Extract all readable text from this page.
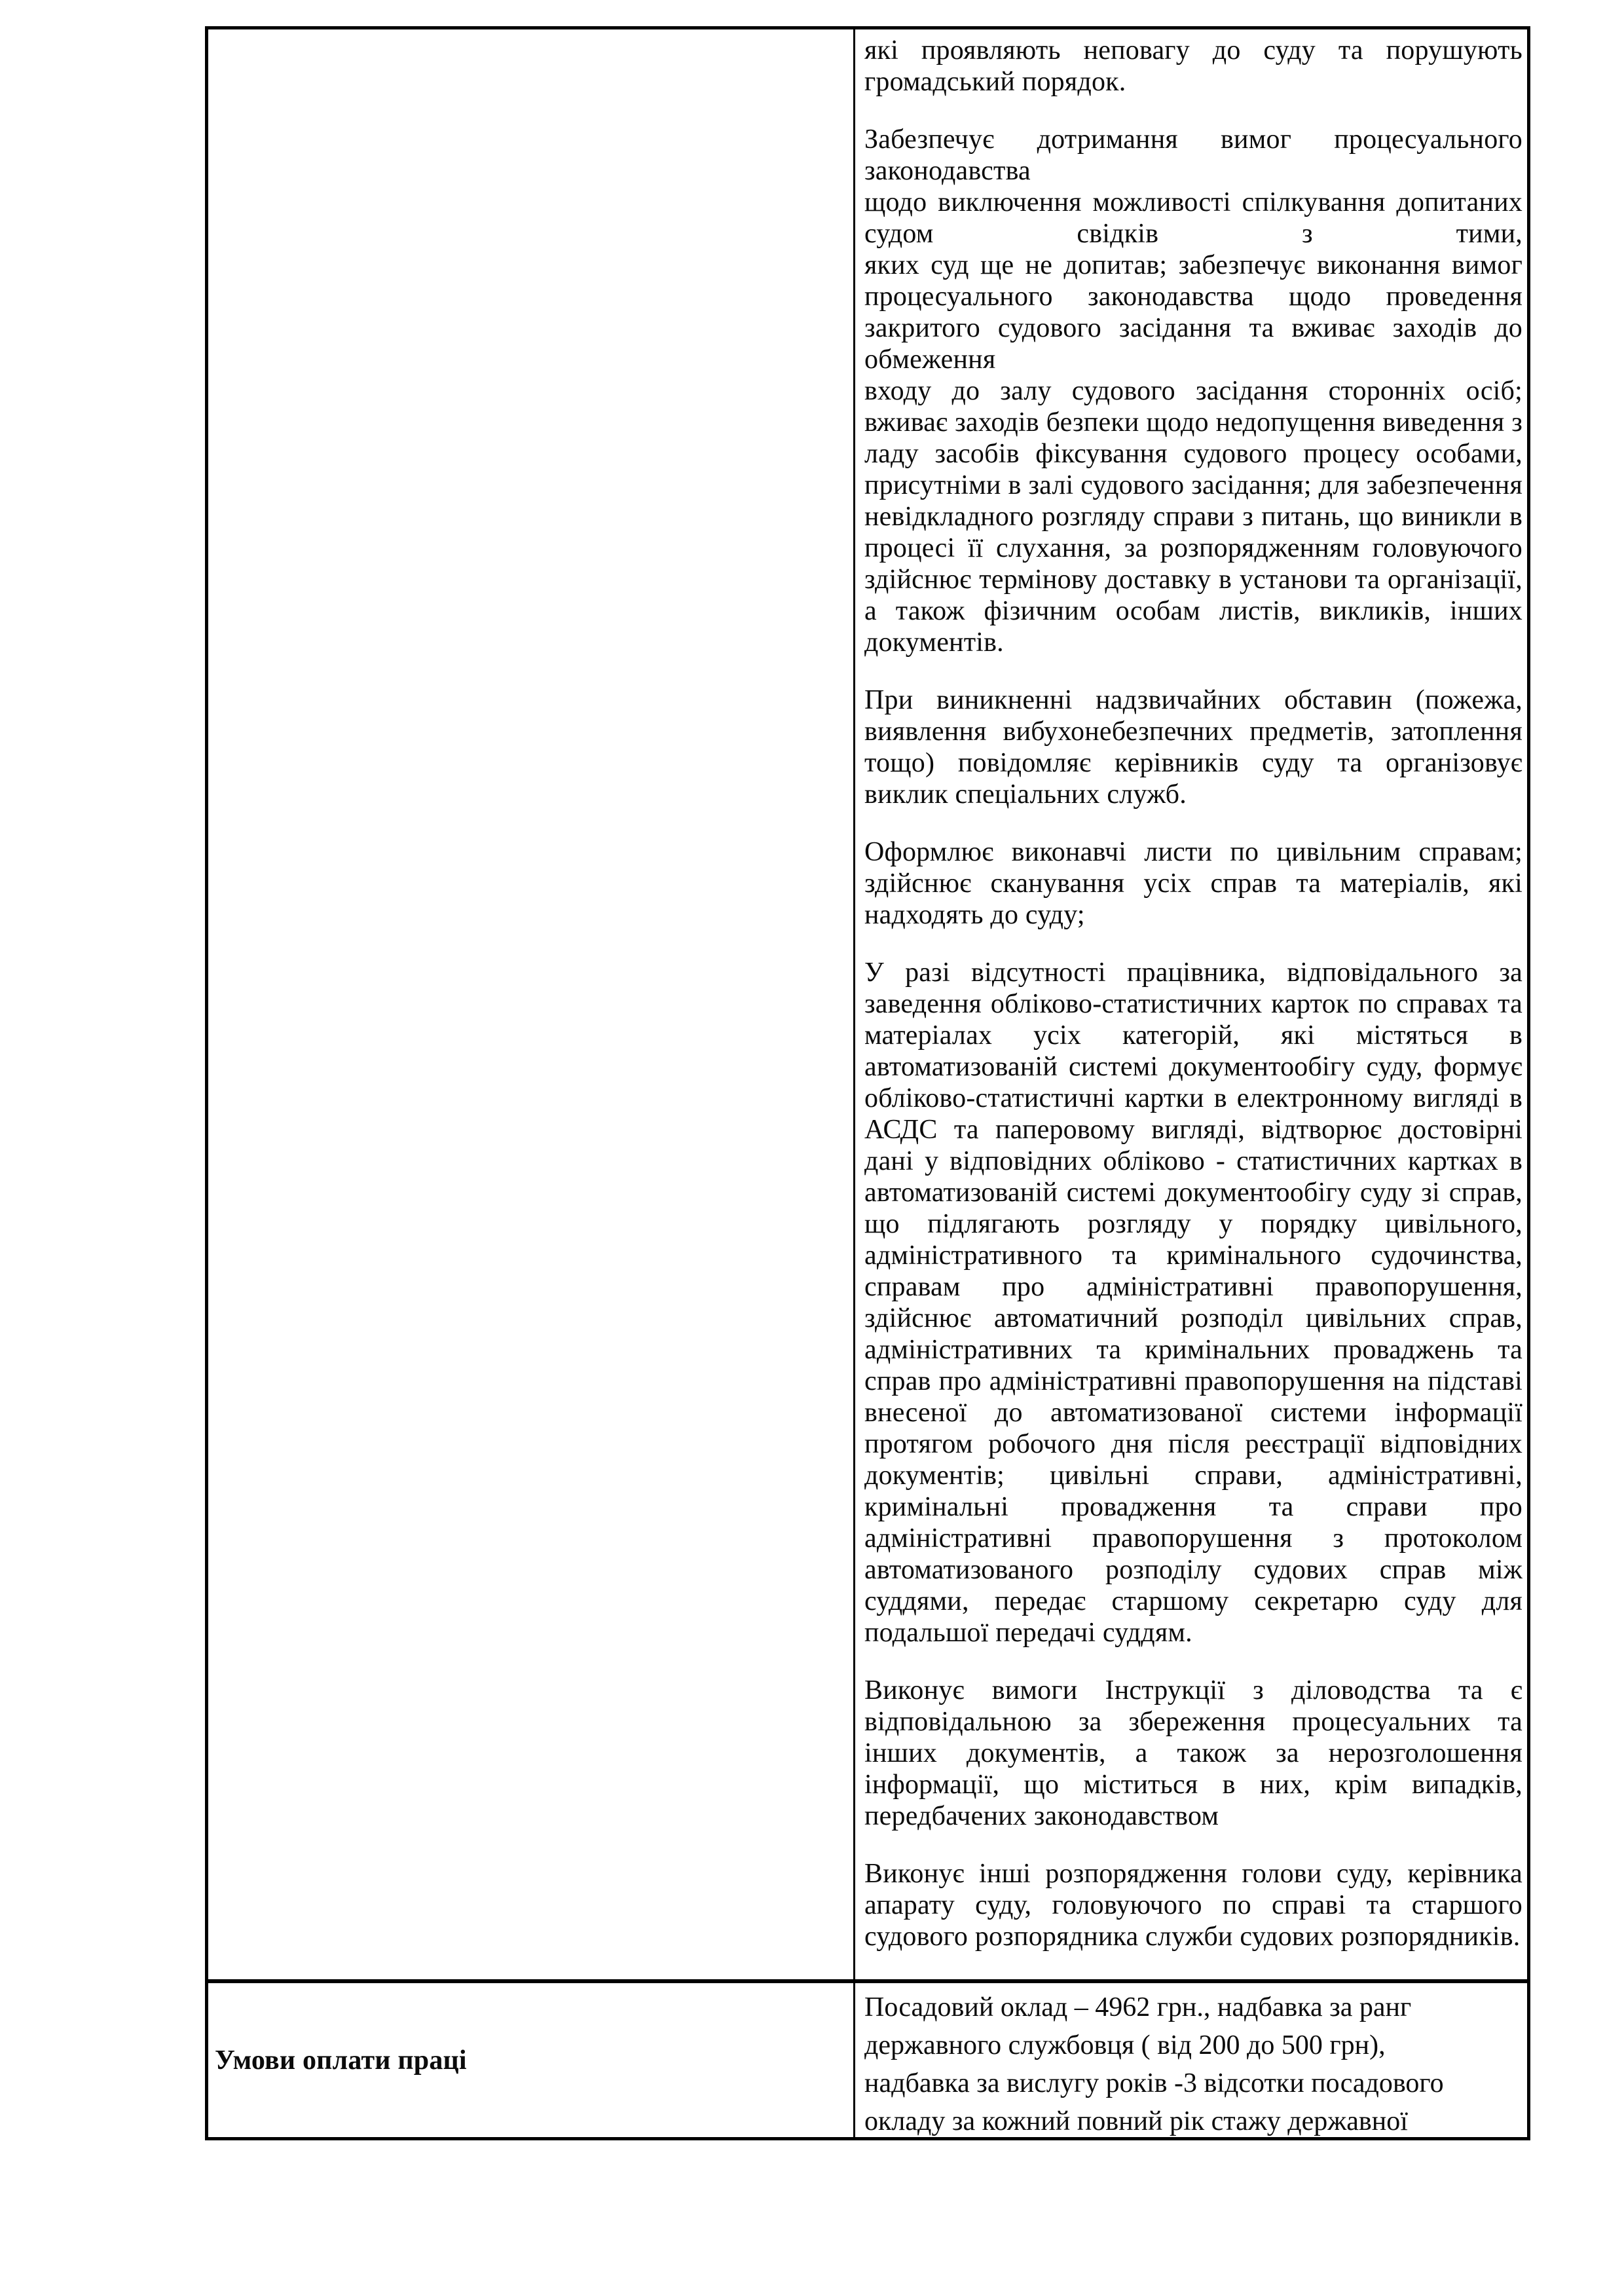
які проявляють неповагу до суду та порушують громадський порядок.
Забезпечує дотримання вимог процесуального законодавства
щодо виключення можливості спілкування допитаних судом свідків з тими,
яких суд ще не допитав; забезпечує виконання вимог процесуального законодавства щодо проведення закритого судового засідання та вживає заходів до обмеження
входу до залу судового засідання сторонніх осіб; вживає заходів безпеки щодо недопущення виведення з ладу засобів фіксування судового процесу особами, присутніми в залі судового засідання; для забезпечення невідкладного розгляду справи з питань, що виникли в процесі її слухання, за розпорядженням головуючого здійснює термінову доставку в установи та організації, а також фізичним особам листів, викликів, інших документів.
При виникненні надзвичайних обставин (пожежа, виявлення вибухонебезпечних предметів, затоплення тощо) повідомляє керівників суду та організовує виклик спеціальних служб.
Оформлює виконавчі листи по цивільним справам; здійснює сканування усіх справ та матеріалів, які надходять до суду;
У разі відсутності працівника, відповідального за заведення обліково-статистичних карток по справах та матеріалах усіх категорій, які містяться в автоматизованій системі документообігу суду, формує обліково-статистичні картки в електронному вигляді в АСДС та паперовому вигляді, відтворює достовірні дані у відповідних обліково - статистичних картках в автоматизованій системі документообігу суду зі справ, що підлягають розгляду у порядку цивільного, адміністративного та кримінального судочинства, справам про адміністративні правопорушення, здійснює автоматичний розподіл цивільних справ, адміністративних та кримінальних проваджень та справ про адміністративні правопорушення на підставі внесеної до автоматизованої системи інформації протягом робочого дня після реєстрації відповідних документів; цивільні справи, адміністративні, кримінальні провадження та справи про адміністративні правопорушення з протоколом автоматизованого розподілу судових справ між суддями, передає старшому секретарю суду для подальшої передачі суддям.
Виконує вимоги Інструкції з діловодства та є відповідальною за збереження процесуальних та інших документів, а також за нерозголошення інформації, що міститься в них, крім випадків, передбачених законодавством
Виконує інші розпорядження голови суду, керівника апарату суду, головуючого по справі та старшого судового розпорядника служби судових розпорядників.
Умови оплати праці
Посадовий оклад – 4962 грн., надбавка за ранг
державного службовця ( від 200 до 500 грн),
надбавка за вислугу років -3 відсотки посадового
окладу за кожний повний рік стажу державної
